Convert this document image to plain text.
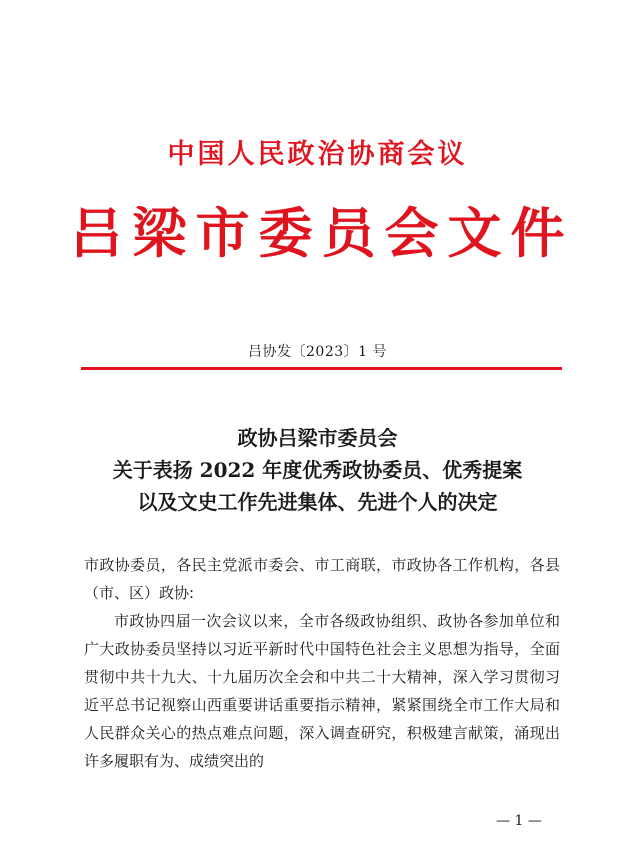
中国人民政治协商会议
吕梁市委员会文件
吕协发〔2023〕1 号
政协吕梁市委员会
关于表扬 2022 年度优秀政协委员、优秀提案
以及文史工作先进集体、先进个人的决定

市政协委员，各民主党派市委会、市工商联，市政协各工作机构，各县（市、区）政协:

市政协四届一次会议以来，全市各级政协组织、政协各参加单位和广大政协委员坚持以习近平新时代中国特色社会主义思想为指导，全面贯彻中共十九大、十九届历次全会和中共二十大精神，深入学习贯彻习近平总书记视察山西重要讲话重要指示精神，紧紧围绕全市工作大局和人民群众关心的热点难点问题，深入调查研究，积极建言献策，涌现出许多履职有为、成绩突出的

— 1 —
